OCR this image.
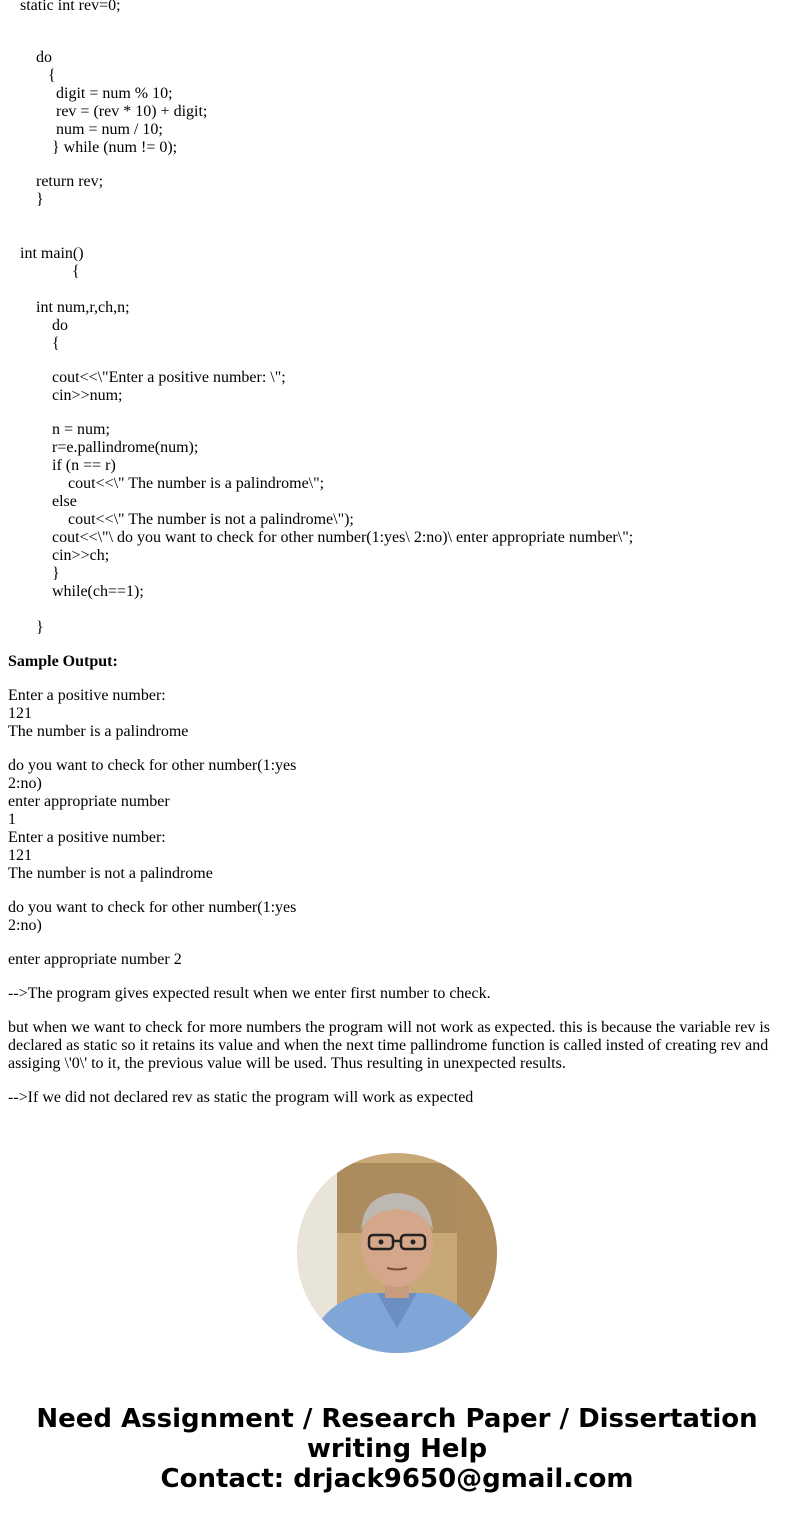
static int rev=0;
do
{
digit = num % 10;
rev = (rev * 10) + digit;
num = num / 10;
} while (num != 0);
return rev;
}
int main()
{
int num,r,ch,n;
do
{
cout<<\"Enter a positive number: \";
cin>>num;
n = num;
r=e.pallindrome(num);
if (n == r)
cout<<\" The number is a palindrome\";
else
cout<<\" The number is not a palindrome\");
cout<<\"\ do you want to check for other number(1:yes\ 2:no)\ enter appropriate number\";
cin>>ch;
}
while(ch==1);
}
Sample Output:
Enter a positive number:
121
The number is a palindrome
do you want to check for other number(1:yes
2:no)
enter appropriate number
1
Enter a positive number:
121
The number is not a palindrome
do you want to check for other number(1:yes
2:no)
enter appropriate number 2
-->The program gives expected result when we enter first number to check.
but when we want to check for more numbers the program will not work as expected. this is because the variable rev is declared as static so it retains its value and when the next time pallindrome function is called insted of creating rev and assiging \'0\' to it, the previous value will be used. Thus resulting in unexpected results.
-->If we did not declared rev as static the program will work as expected
Need Assignment / Research Paper / Dissertation
writing Help
Contact: drjack9650@gmail.com
